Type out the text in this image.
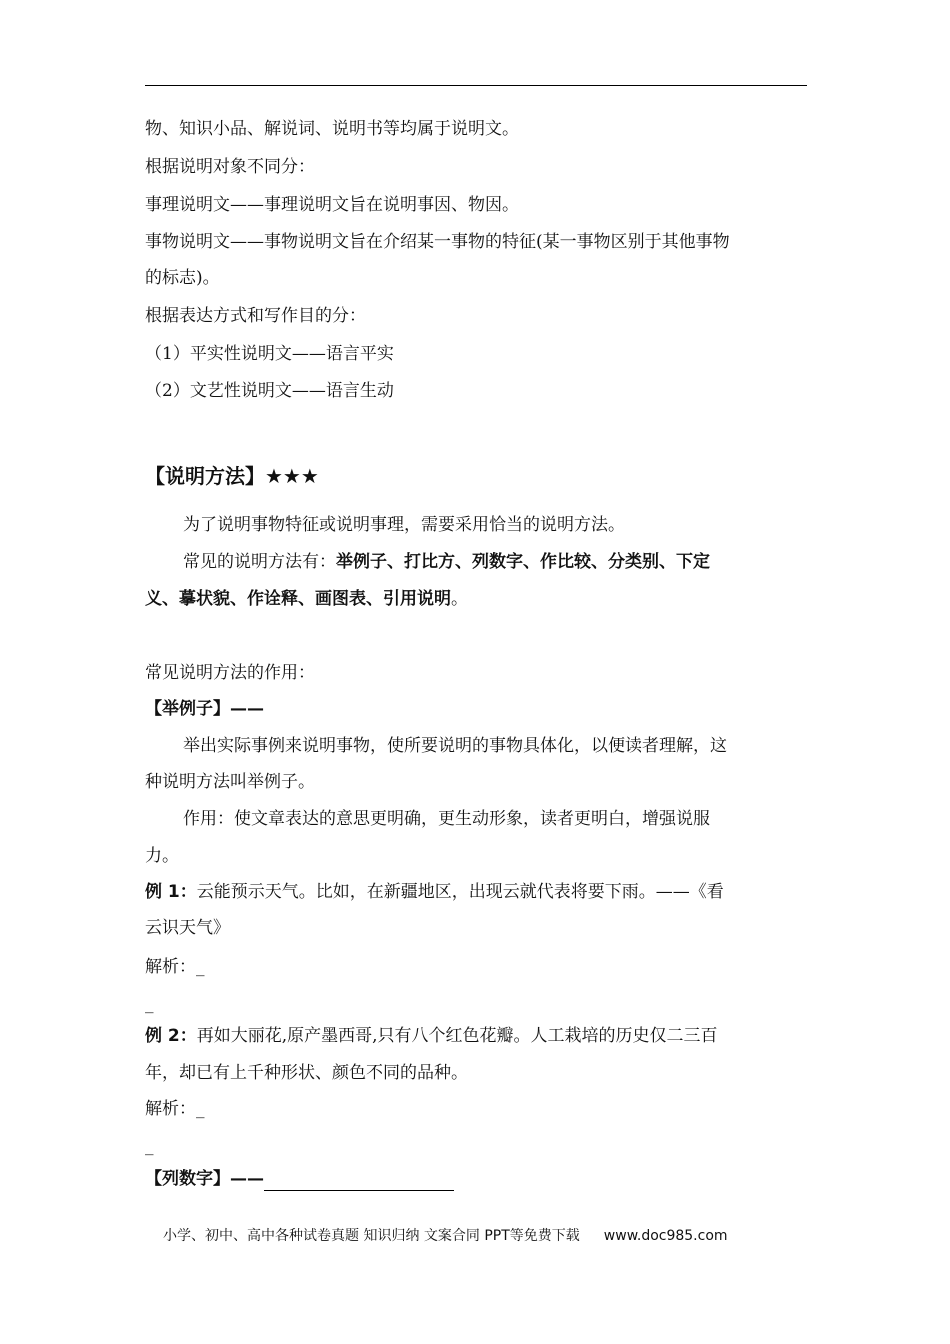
物、知识小品、解说词、说明书等均属于说明文。
根据说明对象不同分：
事理说明文——事理说明文旨在说明事因、物因。
事物说明文——事物说明文旨在介绍某一事物的特征(某一事物区别于其他事物
的标志)。
根据表达方式和写作目的分：
（1）平实性说明文——语言平实
（2）文艺性说明文——语言生动
【说明方法】★★★
为了说明事物特征或说明事理，需要采用恰当的说明方法。
常见的说明方法有：举例子、打比方、列数字、作比较、分类别、下定
义、摹状貌、作诠释、画图表、引用说明。
常见说明方法的作用：
【举例子】——
举出实际事例来说明事物，使所要说明的事物具体化，以便读者理解，这
种说明方法叫举例子。
作用：使文章表达的意思更明确，更生动形象，读者更明白，增强说服
力。
例 1：云能预示天气。比如，在新疆地区，出现云就代表将要下雨。——《看
云识天气》
解析：_
_
例 2：再如大丽花,原产墨西哥,只有八个红色花瓣。人工栽培的历史仅二三百
年，却已有上千种形状、颜色不同的品种。
解析：_
_
【列数字】——
小学、初中、高中各种试卷真题 知识归纳 文案合同 PPT等免费下载 www.doc985.com
